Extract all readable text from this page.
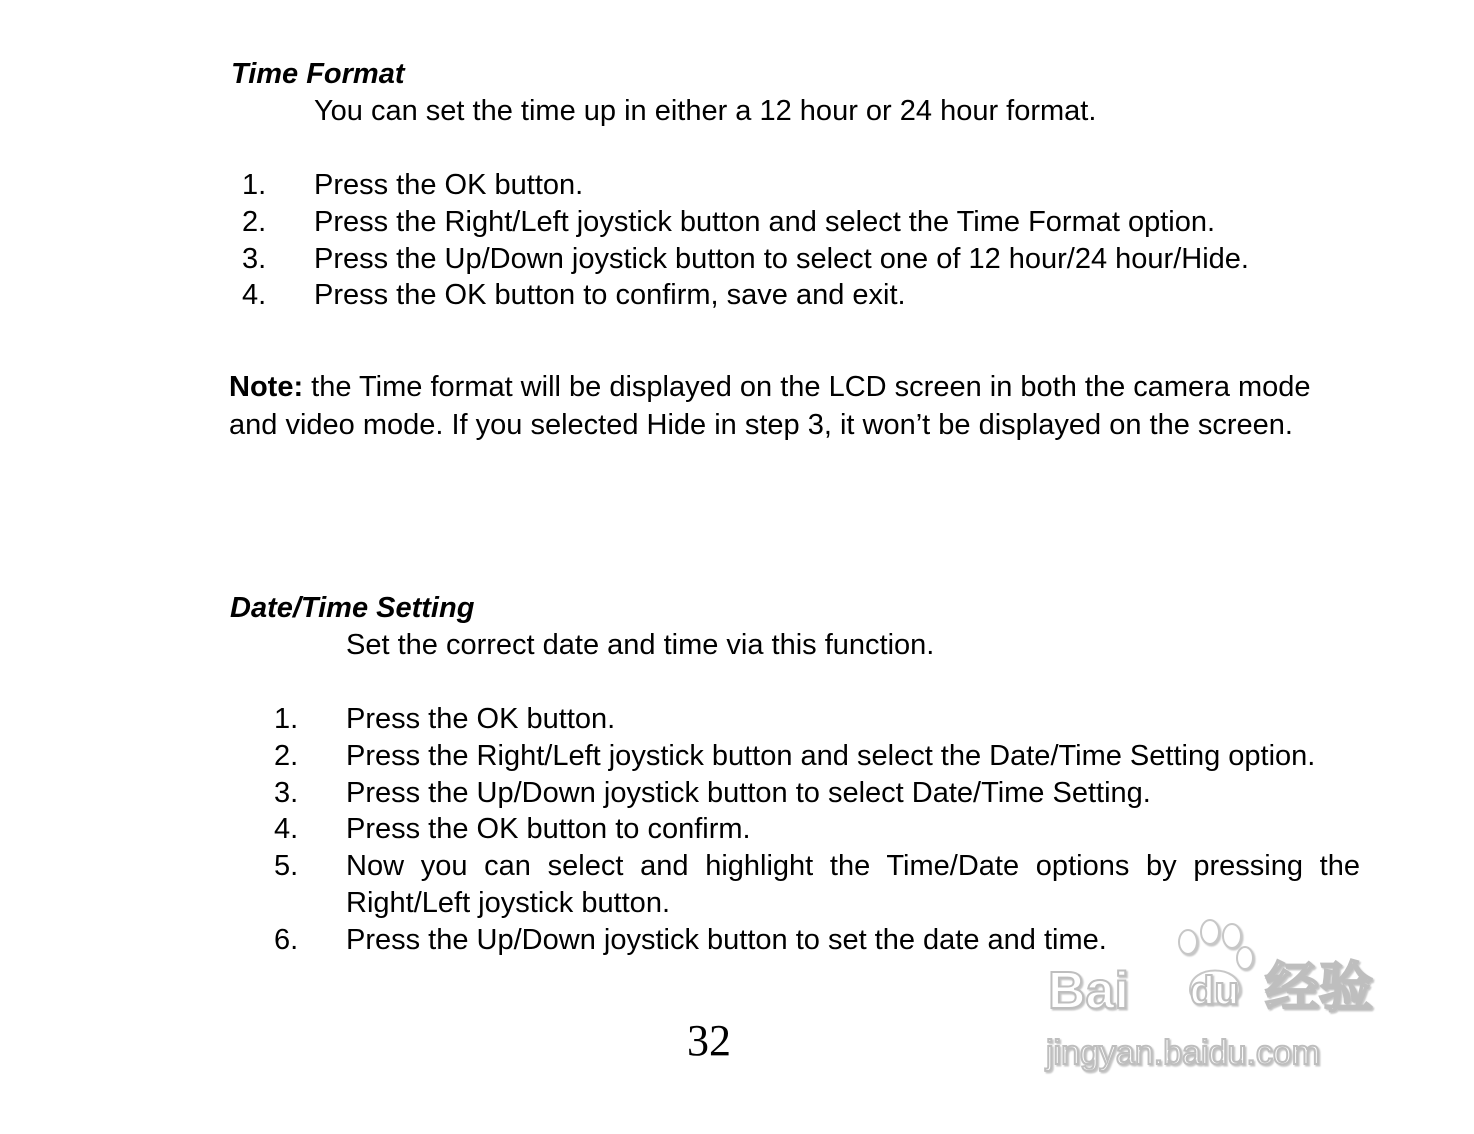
Time Format
You can set the time up in either a 12 hour or 24 hour format.
1. Press the OK button.
2. Press the Right/Left joystick button and select the Time Format option.
3. Press the Up/Down joystick button to select one of 12 hour/24 hour/Hide.
4. Press the OK button to confirm, save and exit.
Note: the Time format will be displayed on the LCD screen in both the camera mode and video mode. If you selected Hide in step 3, it won’t be displayed on the screen.
Date/Time Setting
Set the correct date and time via this function.
1. Press the OK button.
2. Press the Right/Left joystick button and select the Date/Time Setting option.
3. Press the Up/Down joystick button to select Date/Time Setting.
4. Press the OK button to confirm.
5. Now you can select and highlight the Time/Date options by pressing the Right/Left joystick button.
6. Press the Up/Down joystick button to set the date and time.
32
Bai du 经验
jingyan.baidu.com
